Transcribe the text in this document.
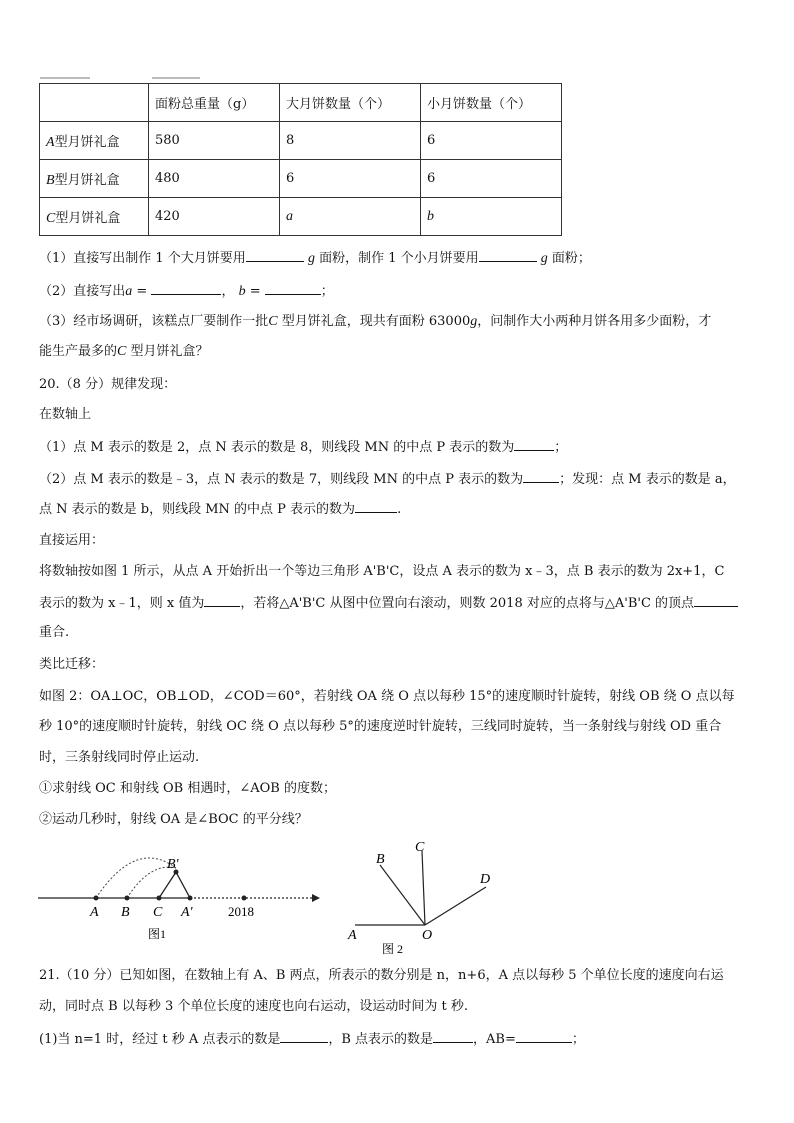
	面粉总重量（g）	大月饼数量（个）	小月饼数量（个）
A型月饼礼盒	580	8	6
B型月饼礼盒	480	6	6
C型月饼礼盒	420	a	b
（1）直接写出制作 1 个大月饼要用	g 面粉，制作 1 个小月饼要用	g 面粉；
（2）直接写出a =	， b =	；
（3）经市场调研，该糕点厂要制作一批C 型月饼礼盒，现共有面粉 63000g，问制作大小两种月饼各用多少面粉，才
能生产最多的C 型月饼礼盒？
20.（8 分）规律发现：
在数轴上
（1）点 M 表示的数是 2，点 N 表示的数是 8，则线段 MN 的中点 P 表示的数为	；
（2）点 M 表示的数是﹣3，点 N 表示的数是 7，则线段 MN 的中点 P 表示的数为	；发现：点 M 表示的数是 a，
点 N 表示的数是 b，则线段 MN 的中点 P 表示的数为	.
直接运用：
将数轴按如图 1 所示，从点 A 开始折出一个等边三角形 A'B'C，设点 A 表示的数为 x﹣3，点 B 表示的数为 2x+1，C
表示的数为 x﹣1，则 x 值为	，若将△A'B'C 从图中位置向右滚动，则数 2018 对应的点将与△A'B'C 的顶点
重合.
类比迁移：
如图 2：OA⊥OC，OB⊥OD，∠COD＝60°，若射线 OA 绕 O 点以每秒 15°的速度顺时针旋转，射线 OB 绕 O 点以每
秒 10°的速度顺时针旋转，射线 OC 绕 O 点以每秒 5°的速度逆时针旋转，三线同时旋转，当一条射线与射线 OD 重合
时，三条射线同时停止运动.
①求射线 OC 和射线 OB 相遇时，∠AOB 的度数；
②运动几秒时，射线 OA 是∠BOC 的平分线？
B'
A B C A'	2018
图1	A
B
C
D
O
图 2
21.（10 分）已知如图，在数轴上有 A、B 两点，所表示的数分别是 n，n+6，A 点以每秒 5 个单位长度的速度向右运
动，同时点 B 以每秒 3 个单位长度的速度也向右运动，设运动时间为 t 秒.
(1)当 n=1 时，经过 t 秒 A 点表示的数是	，B 点表示的数是	，AB=	；
